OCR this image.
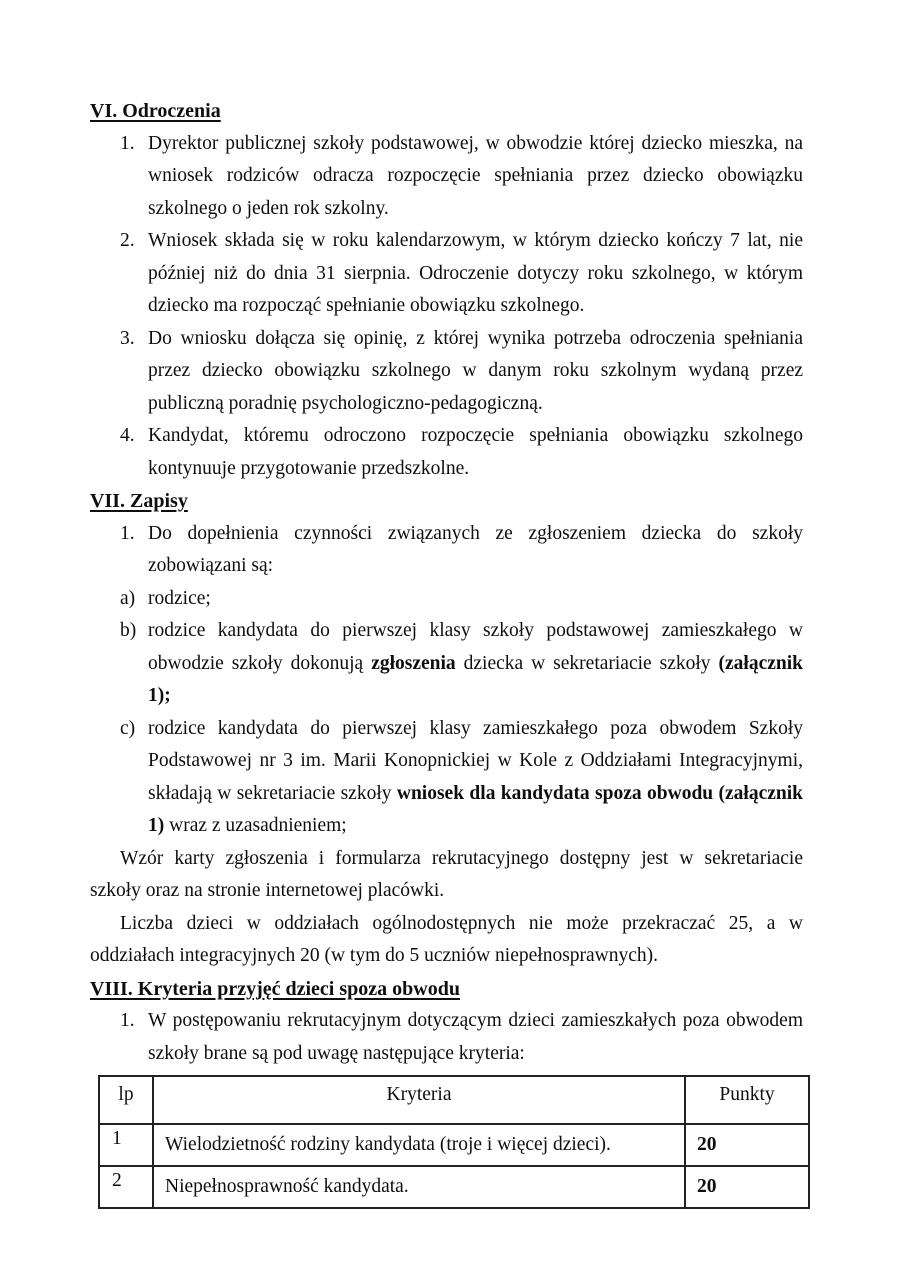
VI. Odroczenia
1. Dyrektor publicznej szkoły podstawowej, w obwodzie której dziecko mieszka, na wniosek rodziców odracza rozpoczęcie spełniania przez dziecko obowiązku szkolnego o jeden rok szkolny.
2. Wniosek składa się w roku kalendarzowym, w którym dziecko kończy 7 lat, nie później niż do dnia 31 sierpnia. Odroczenie dotyczy roku szkolnego, w którym dziecko ma rozpocząć spełnianie obowiązku szkolnego.
3. Do wniosku dołącza się opinię, z której wynika potrzeba odroczenia spełniania przez dziecko obowiązku szkolnego w danym roku szkolnym wydaną przez publiczną poradnię psychologiczno-pedagogiczną.
4. Kandydat, któremu odroczono rozpoczęcie spełniania obowiązku szkolnego kontynuuje przygotowanie przedszkolne.
VII. Zapisy
1. Do dopełnienia czynności związanych ze zgłoszeniem dziecka do szkoły zobowiązani są:
a) rodzice;
b) rodzice kandydata do pierwszej klasy szkoły podstawowej zamieszkałego w obwodzie szkoły dokonują zgłoszenia dziecka w sekretariacie szkoły (załącznik 1);
c) rodzice kandydata do pierwszej klasy zamieszkałego poza obwodem Szkoły Podstawowej nr 3 im. Marii Konopnickiej w Kole z Oddziałami Integracyjnymi, składają w sekretariacie szkoły wniosek dla kandydata spoza obwodu (załącznik 1) wraz z uzasadnieniem;
Wzór karty zgłoszenia i formularza rekrutacyjnego dostępny jest w sekretariacie szkoły oraz na stronie internetowej placówki.
Liczba dzieci w oddziałach ogólnodostępnych nie może przekraczać 25, a w oddziałach integracyjnych 20 (w tym do 5 uczniów niepełnosprawnych).
VIII. Kryteria przyjęć dzieci spoza obwodu
1. W postępowaniu rekrutacyjnym dotyczącym dzieci zamieszkałych poza obwodem szkoły brane są pod uwagę następujące kryteria:
lp	Kryteria	Punkty
1	Wielodzietność rodziny kandydata (troje i więcej dzieci).	20
2	Niepełnosprawność kandydata.	20
